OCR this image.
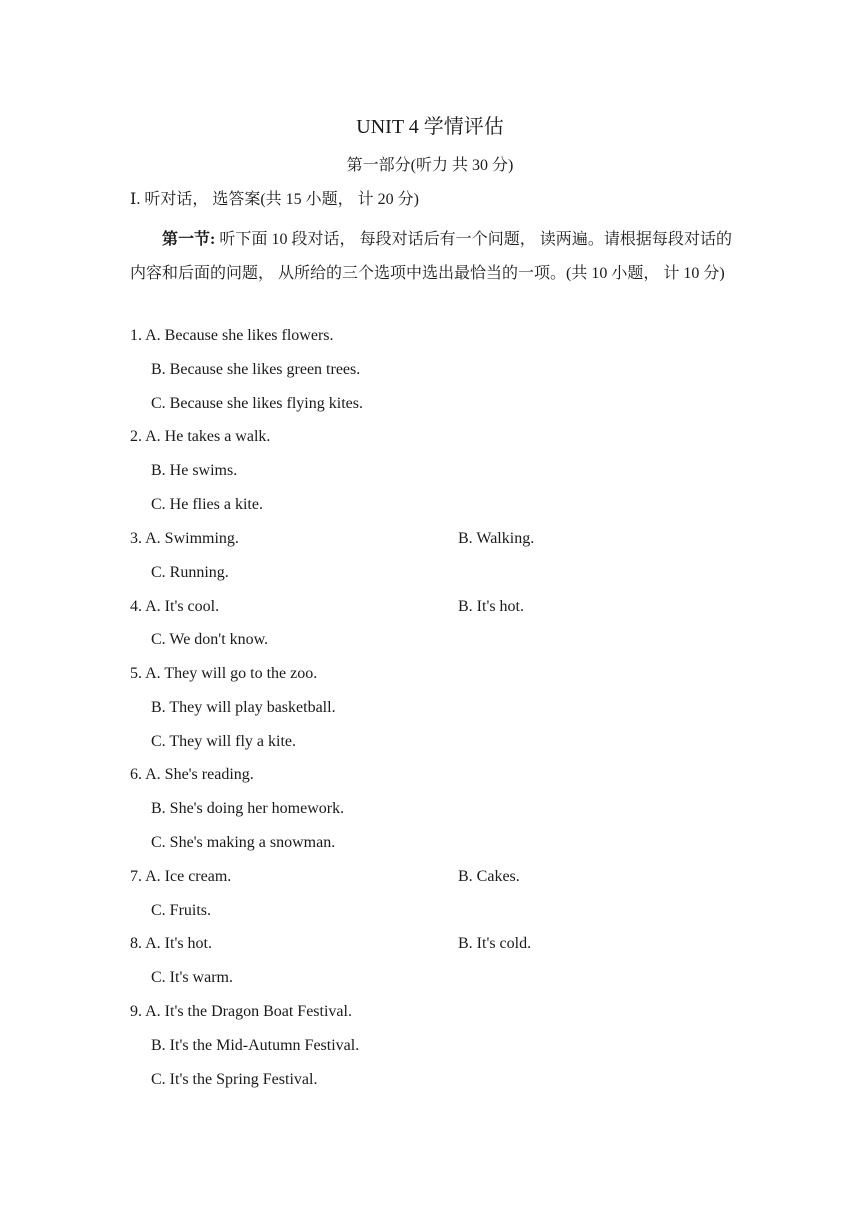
UNIT 4 学情评估
第一部分(听力 共 30 分)
Ⅰ. 听对话， 选答案(共 15 小题， 计 20 分)
第一节: 听下面 10 段对话， 每段对话后有一个问题， 读两遍。请根据每段对话的内容和后面的问题， 从所给的三个选项中选出最恰当的一项。(共 10 小题， 计 10 分)
1. A. Because she likes flowers.
B. Because she likes green trees.
C. Because she likes flying kites.
2. A. He takes a walk.
B. He swims.
C. He flies a kite.
3. A. Swimming.	B. Walking.
C. Running.
4. A. It's cool.	B. It's hot.
C. We don't know.
5. A. They will go to the zoo.
B. They will play basketball.
C. They will fly a kite.
6. A. She's reading.
B. She's doing her homework.
C. She's making a snowman.
7. A. Ice cream.	B. Cakes.
C. Fruits.
8. A. It's hot.	B. It's cold.
C. It's warm.
9. A. It's the Dragon Boat Festival.
B. It's the Mid-Autumn Festival.
C. It's the Spring Festival.
